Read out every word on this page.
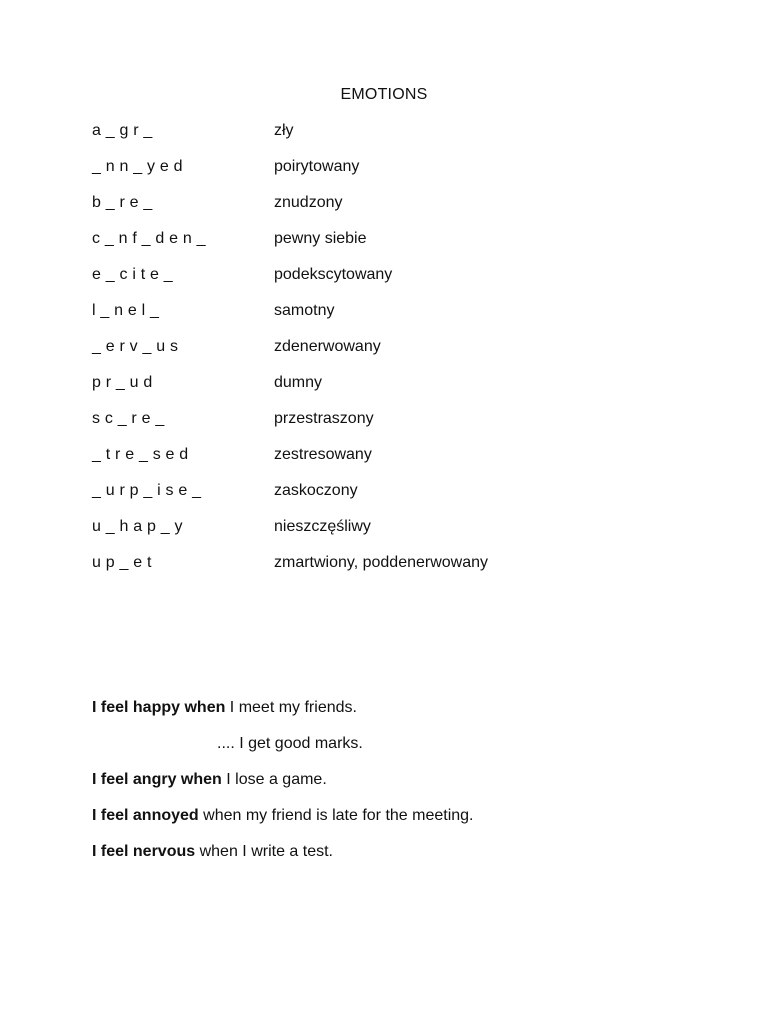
EMOTIONS
a _ g r _	zły
_ n n _ y e d	poirytowany
b _ r e _	znudzony
c _ n f _ d e n _	pewny siebie
e _ c i t e _	podekscytowany
l _ n e l _	samotny
_ e r v _ u s	zdenerwowany
p r _ u d	dumny
s c _ r e _	przestraszony
_ t r e _ s e d	zestresowany
_ u r p _ i s e _	zaskoczony
u _ h a p _ y	nieszczęśliwy
u p _ e t	zmartwiony, poddenerwowany
I feel happy when I meet my friends.
.... I get good marks.
I feel angry when I lose a game.
I feel annoyed when my friend is late for the meeting.
I feel nervous when I write a test.
